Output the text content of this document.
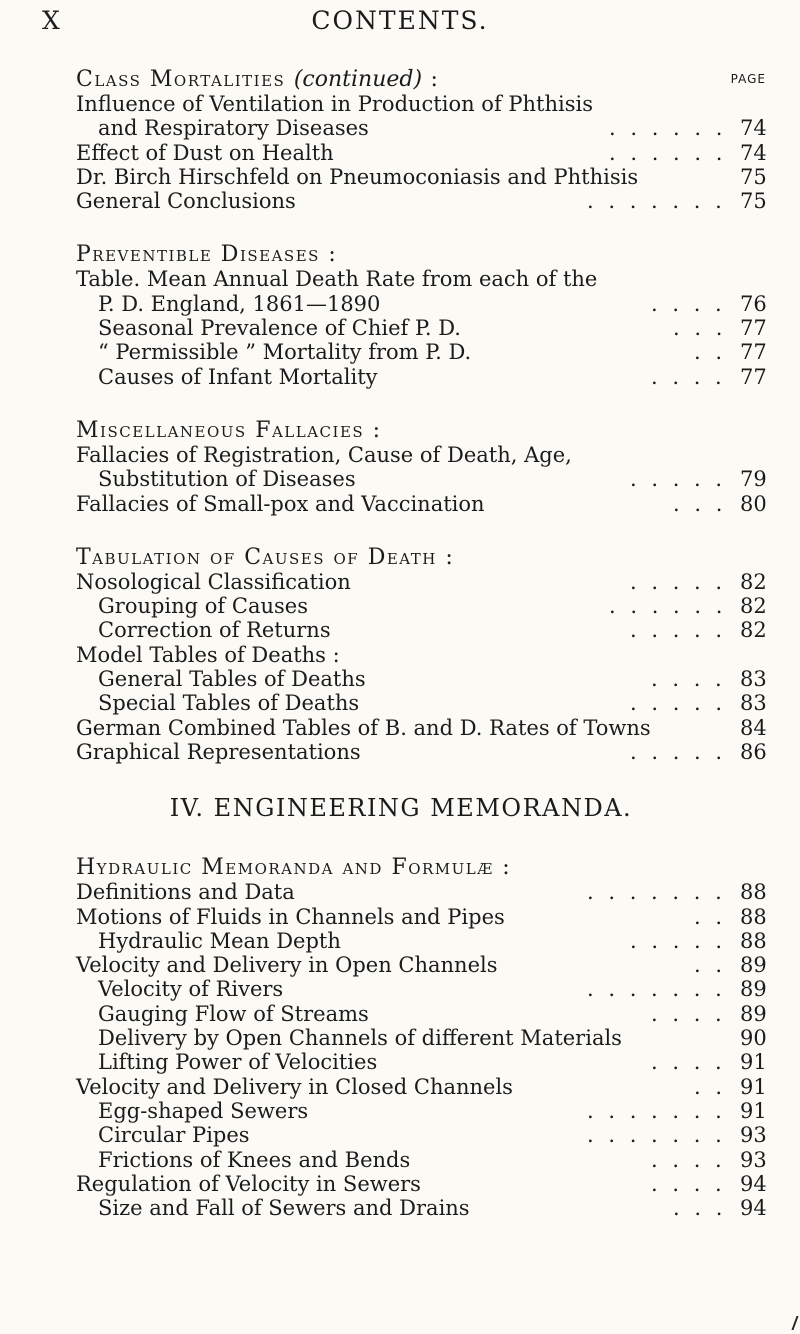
X	CONTENTS.
Class Mortalities (continued) :	PAGE
Influence of Ventilation in Production of Phthisis
and Respiratory Diseases	. . . . . . 74
Effect of Dust on Health	. . . . . . 74
Dr. Birch Hirschfeld on Pneumoconiasis and Phthisis	75
General Conclusions	. . . . . . . 75
Preventible Diseases :
Table. Mean Annual Death Rate from each of the
P. D. England, 1861—1890	. . . . 76
Seasonal Prevalence of Chief P. D.	. . . 77
“ Permissible ” Mortality from P. D.	. . 77
Causes of Infant Mortality	. . . . 77
Miscellaneous Fallacies :
Fallacies of Registration, Cause of Death, Age,
Substitution of Diseases	. . . . . 79
Fallacies of Small-pox and Vaccination	. . . 80
Tabulation of Causes of Death :
Nosological Classification	. . . . . 82
Grouping of Causes	. . . . . . 82
Correction of Returns	. . . . . 82
Model Tables of Deaths :
General Tables of Deaths	. . . . 83
Special Tables of Deaths	. . . . . 83
German Combined Tables of B. and D. Rates of Towns	84
Graphical Representations	. . . . . 86
IV. ENGINEERING MEMORANDA.
Hydraulic Memoranda and Formulæ :
Definitions and Data	. . . . . . . 88
Motions of Fluids in Channels and Pipes	. . 88
Hydraulic Mean Depth	. . . . . 88
Velocity and Delivery in Open Channels	. . 89
Velocity of Rivers	. . . . . . . 89
Gauging Flow of Streams	. . . . 89
Delivery by Open Channels of different Materials	90
Lifting Power of Velocities	. . . . 91
Velocity and Delivery in Closed Channels	. . 91
Egg-shaped Sewers	. . . . . . . 91
Circular Pipes	. . . . . . . 93
Frictions of Knees and Bends	. . . . 93
Regulation of Velocity in Sewers	. . . . 94
Size and Fall of Sewers and Drains	. . . 94
